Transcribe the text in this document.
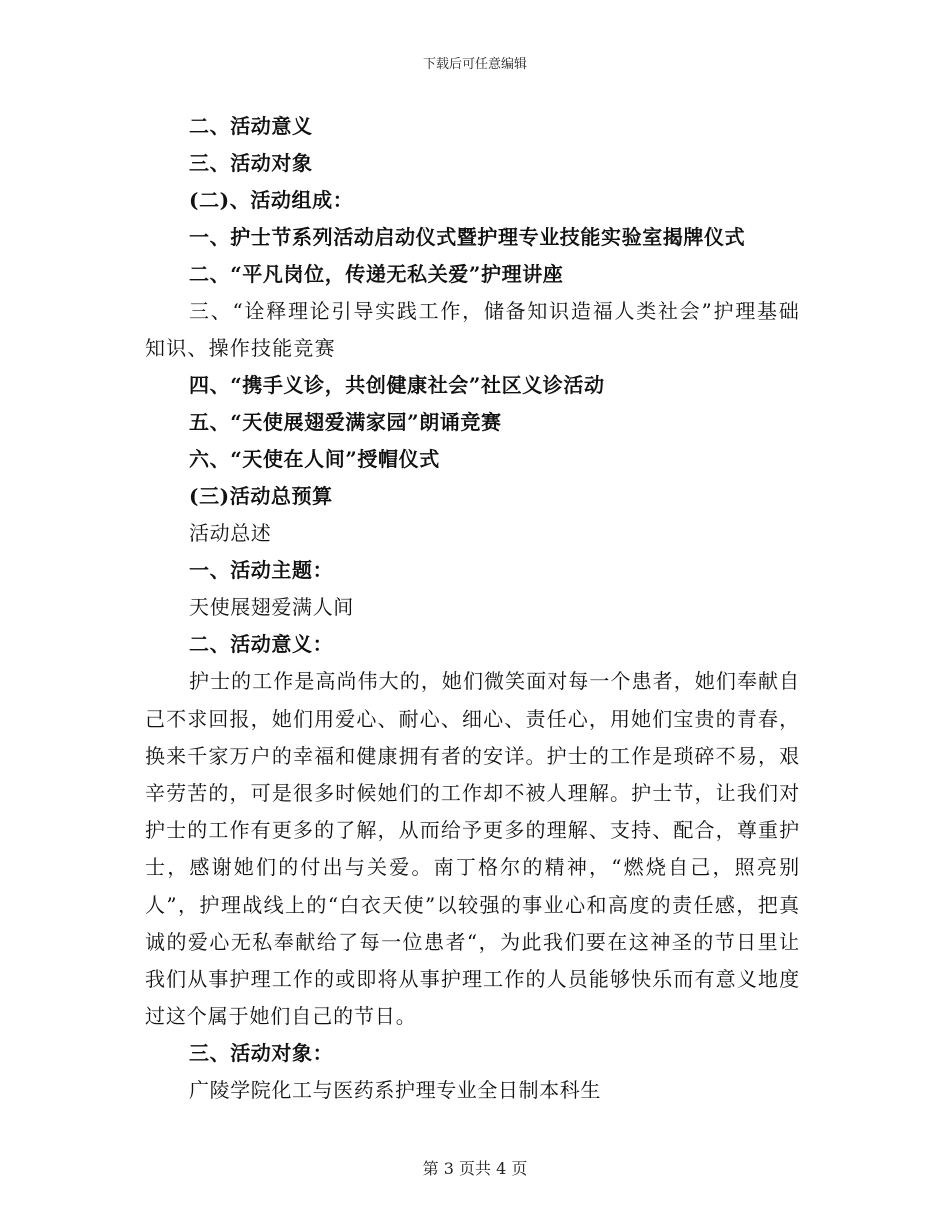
下载后可任意编辑
二、活动意义
三、活动对象
(二)、活动组成：
一、护士节系列活动启动仪式暨护理专业技能实验室揭牌仪式
二、“平凡岗位，传递无私关爱”护理讲座

三、“诠释理论引导实践工作，储备知识造福人类社会”护理基础知识、操作技能竞赛

四、“携手义诊，共创健康社会”社区义诊活动
五、“天使展翅爱满家园”朗诵竞赛
六、“天使在人间”授帽仪式
(三)活动总预算
活动总述
一、活动主题：
天使展翅爱满人间
二、活动意义：

护士的工作是高尚伟大的，她们微笑面对每一个患者，她们奉献自己不求回报，她们用爱心、耐心、细心、责任心，用她们宝贵的青春，换来千家万户的幸福和健康拥有者的安详。护士的工作是琐碎不易，艰辛劳苦的，可是很多时候她们的工作却不被人理解。护士节，让我们对护士的工作有更多的了解，从而给予更多的理解、支持、配合，尊重护士，感谢她们的付出与关爱。南丁格尔的精神，“燃烧自己，照亮别人”，护理战线上的“白衣天使”以较强的事业心和高度的责任感，把真诚的爱心无私奉献给了每一位患者“，为此我们要在这神圣的节日里让我们从事护理工作的或即将从事护理工作的人员能够快乐而有意义地度过这个属于她们自己的节日。

三、活动对象：
广陵学院化工与医药系护理专业全日制本科生
第 3 页共 4 页
